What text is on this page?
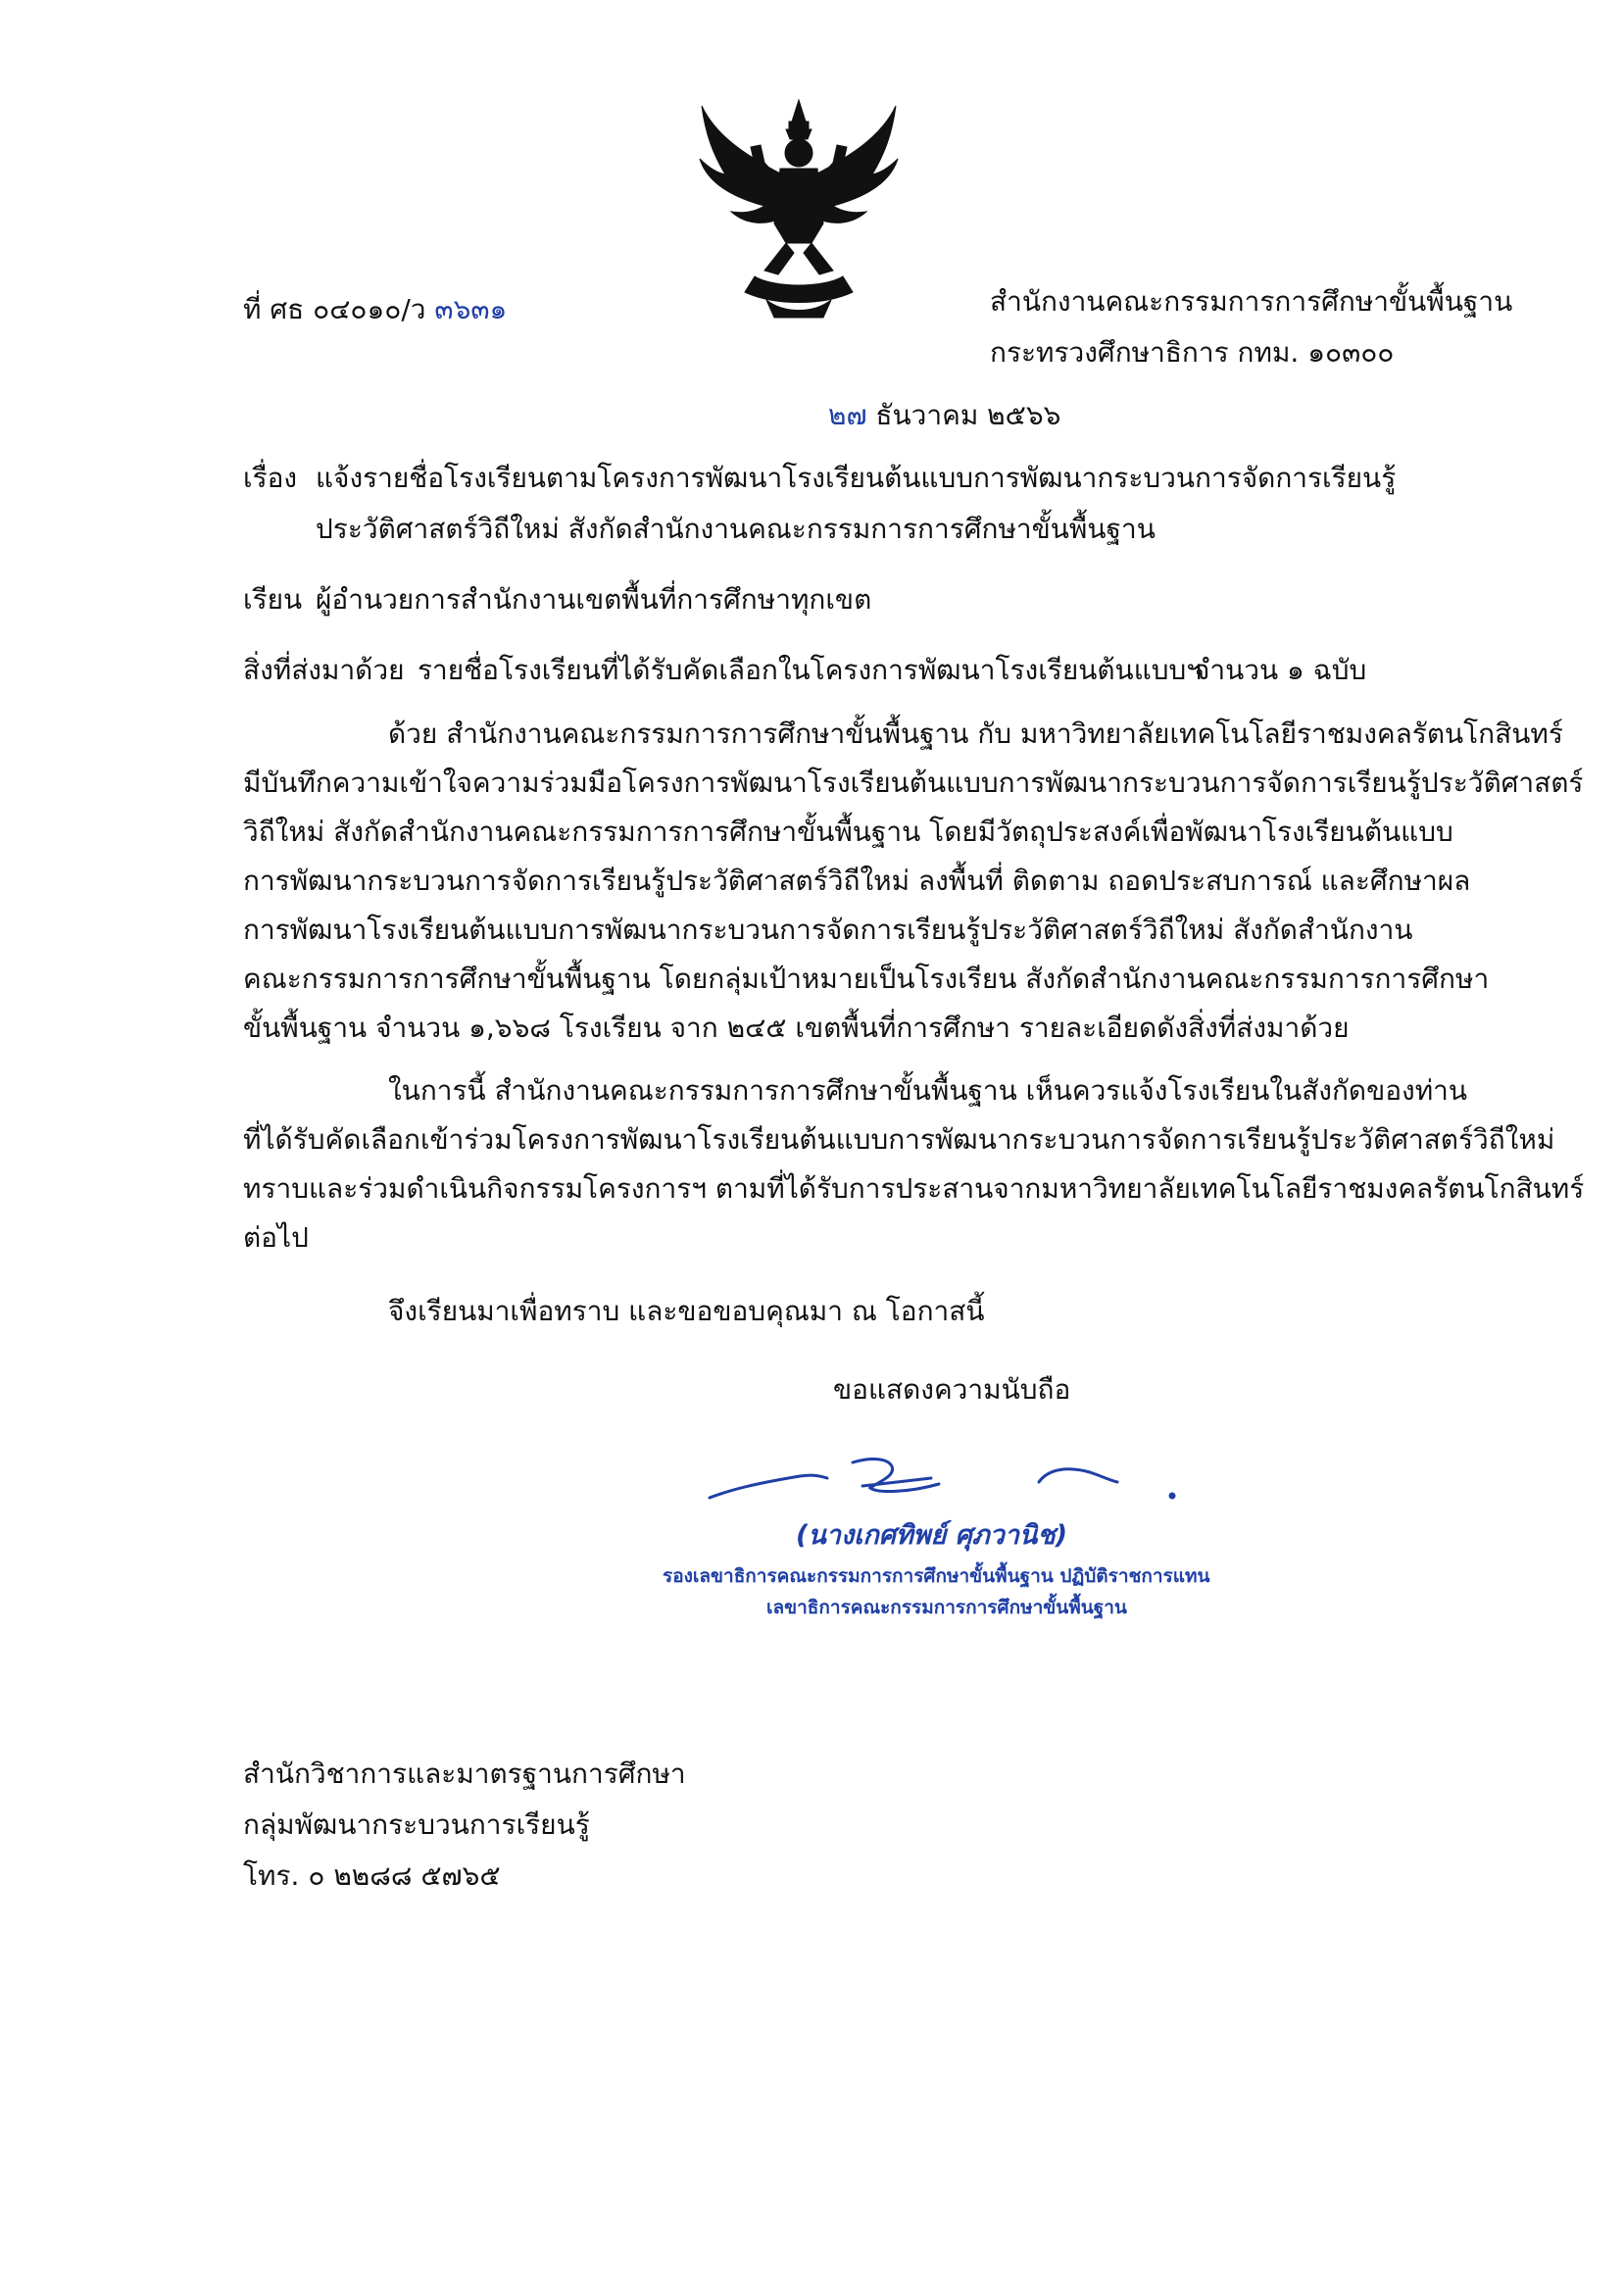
ที่ ศธ ๐๔๐๑๐/ว ๓๖๓๑	สำนักงานคณะกรรมการการศึกษาขั้นพื้นฐาน
กระทรวงศึกษาธิการ กทม. ๑๐๓๐๐
๒๗ ธันวาคม ๒๕๖๖
เรื่อง แจ้งรายชื่อโรงเรียนตามโครงการพัฒนาโรงเรียนต้นแบบการพัฒนากระบวนการจัดการเรียนรู้
ประวัติศาสตร์วิถีใหม่ สังกัดสำนักงานคณะกรรมการการศึกษาขั้นพื้นฐาน
เรียน ผู้อำนวยการสำนักงานเขตพื้นที่การศึกษาทุกเขต
สิ่งที่ส่งมาด้วย รายชื่อโรงเรียนที่ได้รับคัดเลือกในโครงการพัฒนาโรงเรียนต้นแบบฯ
จำนวน ๑ ฉบับ
ด้วย สำนักงานคณะกรรมการการศึกษาขั้นพื้นฐาน กับ มหาวิทยาลัยเทคโนโลยีราชมงคลรัตนโกสินทร์
มีบันทึกความเข้าใจความร่วมมือโครงการพัฒนาโรงเรียนต้นแบบการพัฒนากระบวนการจัดการเรียนรู้ประวัติศาสตร์
วิถีใหม่ สังกัดสำนักงานคณะกรรมการการศึกษาขั้นพื้นฐาน โดยมีวัตถุประสงค์เพื่อพัฒนาโรงเรียนต้นแบบ
การพัฒนากระบวนการจัดการเรียนรู้ประวัติศาสตร์วิถีใหม่ ลงพื้นที่ ติดตาม ถอดประสบการณ์ และศึกษาผล
การพัฒนาโรงเรียนต้นแบบการพัฒนากระบวนการจัดการเรียนรู้ประวัติศาสตร์วิถีใหม่ สังกัดสำนักงาน
คณะกรรมการการศึกษาขั้นพื้นฐาน โดยกลุ่มเป้าหมายเป็นโรงเรียน สังกัดสำนักงานคณะกรรมการการศึกษา
ขั้นพื้นฐาน จำนวน ๑,๖๖๘ โรงเรียน จาก ๒๔๕ เขตพื้นที่การศึกษา รายละเอียดดังสิ่งที่ส่งมาด้วย
ในการนี้ สำนักงานคณะกรรมการการศึกษาขั้นพื้นฐาน เห็นควรแจ้งโรงเรียนในสังกัดของท่าน
ที่ได้รับคัดเลือกเข้าร่วมโครงการพัฒนาโรงเรียนต้นแบบการพัฒนากระบวนการจัดการเรียนรู้ประวัติศาสตร์วิถีใหม่
ทราบและร่วมดำเนินกิจกรรมโครงการฯ ตามที่ได้รับการประสานจากมหาวิทยาลัยเทคโนโลยีราชมงคลรัตนโกสินทร์
ต่อไป
จึงเรียนมาเพื่อทราบ และขอขอบคุณมา ณ โอกาสนี้
ขอแสดงความนับถือ
(นางเกศทิพย์ ศุภวานิช)
รองเลขาธิการคณะกรรมการการศึกษาขั้นพื้นฐาน ปฏิบัติราชการแทน
เลขาธิการคณะกรรมการการศึกษาขั้นพื้นฐาน
สำนักวิชาการและมาตรฐานการศึกษา
กลุ่มพัฒนากระบวนการเรียนรู้
โทร. ๐ ๒๒๘๘ ๕๗๖๕
